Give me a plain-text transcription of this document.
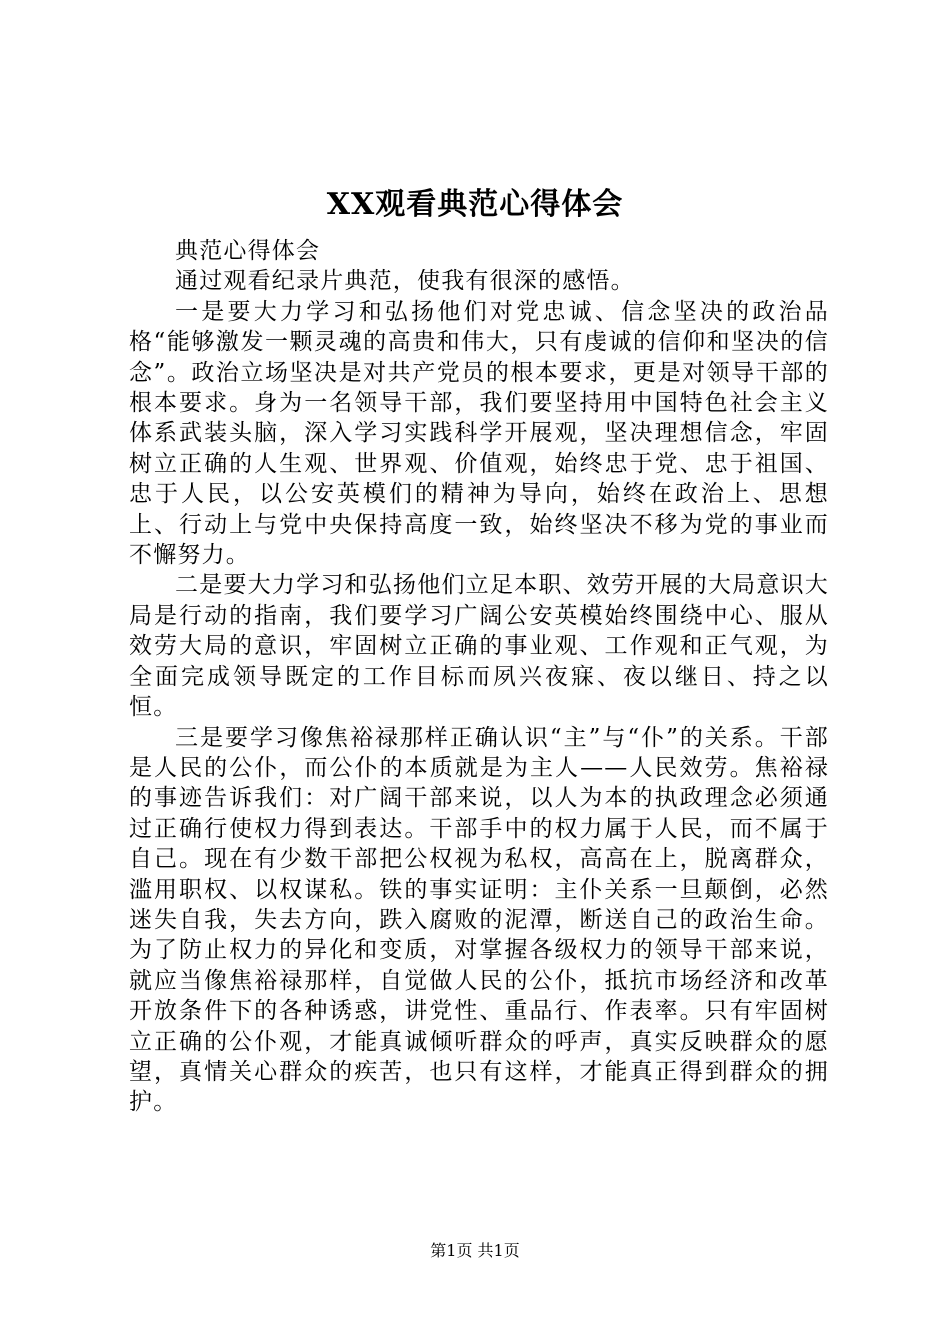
XX观看典范心得体会

典范心得体会

通过观看纪录片典范，使我有很深的感悟。

一是要大力学习和弘扬他们对党忠诚、信念坚决的政治品格“能够激发一颗灵魂的高贵和伟大，只有虔诚的信仰和坚决的信念”。政治立场坚决是对共产党员的根本要求，更是对领导干部的根本要求。身为一名领导干部，我们要坚持用中国特色社会主义体系武装头脑，深入学习实践科学开展观，坚决理想信念，牢固树立正确的人生观、世界观、价值观，始终忠于党、忠于祖国、忠于人民，以公安英模们的精神为导向，始终在政治上、思想上、行动上与党中央保持高度一致，始终坚决不移为党的事业而不懈努力。

二是要大力学习和弘扬他们立足本职、效劳开展的大局意识大局是行动的指南，我们要学习广阔公安英模始终围绕中心、服从效劳大局的意识，牢固树立正确的事业观、工作观和正气观，为全面完成领导既定的工作目标而夙兴夜寐、夜以继日、持之以恒。

三是要学习像焦裕禄那样正确认识“主”与“仆”的关系。干部是人民的公仆，而公仆的本质就是为主人——人民效劳。焦裕禄的事迹告诉我们：对广阔干部来说，以人为本的执政理念必须通过正确行使权力得到表达。干部手中的权力属于人民，而不属于自己。现在有少数干部把公权视为私权，高高在上，脱离群众，滥用职权、以权谋私。铁的事实证明：主仆关系一旦颠倒，必然迷失自我，失去方向，跌入腐败的泥潭，断送自己的政治生命。为了防止权力的异化和变质，对掌握各级权力的领导干部来说，就应当像焦裕禄那样，自觉做人民的公仆，抵抗市场经济和改革开放条件下的各种诱惑，讲党性、重品行、作表率。只有牢固树立正确的公仆观，才能真诚倾听群众的呼声，真实反映群众的愿望，真情关心群众的疾苦，也只有这样，才能真正得到群众的拥护。

第1页 共1页
